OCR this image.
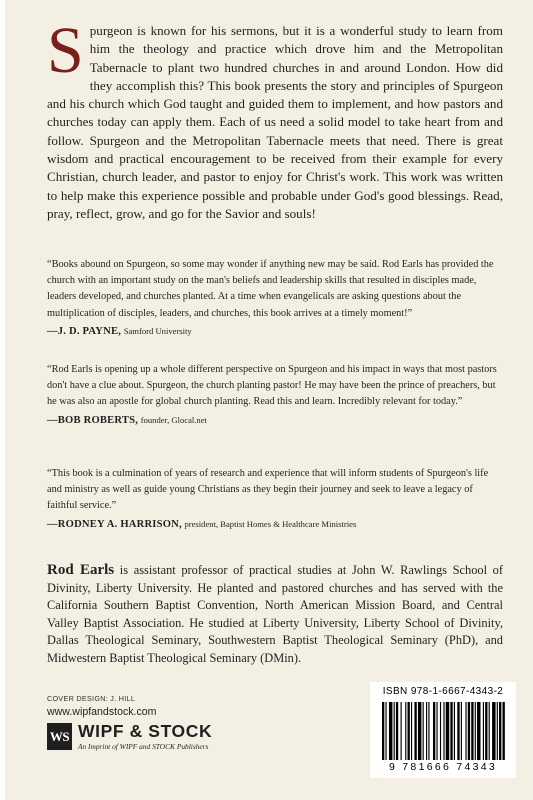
Spurgeon is known for his sermons, but it is a wonderful study to learn from him the theology and practice which drove him and the Metropolitan Tabernacle to plant two hundred churches in and around London. How did they accomplish this? This book presents the story and principles of Spurgeon and his church which God taught and guided them to implement, and how pastors and churches today can apply them. Each of us need a solid model to take heart from and follow. Spurgeon and the Metropolitan Tabernacle meets that need. There is great wisdom and practical encouragement to be received from their example for every Christian, church leader, and pastor to enjoy for Christ's work. This work was written to help make this experience possible and probable under God's good blessings. Read, pray, reflect, grow, and go for the Savior and souls!
“Books abound on Spurgeon, so some may wonder if anything new may be said. Rod Earls has provided the church with an important study on the man's beliefs and leadership skills that resulted in disciples made, leaders developed, and churches planted. At a time when evangelicals are asking questions about the multiplication of disciples, leaders, and churches, this book arrives at a timely moment!”
—J. D. PAYNE, Samford University
“Rod Earls is opening up a whole different perspective on Spurgeon and his impact in ways that most pastors don't have a clue about. Spurgeon, the church planting pastor! He may have been the prince of preachers, but he was also an apostle for global church planting. Read this and learn. Incredibly relevant for today.”
—BOB ROBERTS, founder, Glocal.net
“This book is a culmination of years of research and experience that will inform students of Spurgeon's life and ministry as well as guide young Christians as they begin their journey and seek to leave a legacy of faithful service.”
—RODNEY A. HARRISON, president, Baptist Homes & Healthcare Ministries
Rod Earls is assistant professor of practical studies at John W. Rawlings School of Divinity, Liberty University. He planted and pastored churches and has served with the California Southern Baptist Convention, North American Mission Board, and Central Valley Baptist Association. He studied at Liberty University, Liberty School of Divinity, Dallas Theological Seminary, Southwestern Baptist Theological Seminary (PhD), and Midwestern Baptist Theological Seminary (DMin).
COVER DESIGN: J. HILL
www.wipfandstock.com
WS WIPF & STOCK
An Imprint of WIPF and STOCK Publishers
ISBN 978-1-6667-4343-2
9 781666 74343
